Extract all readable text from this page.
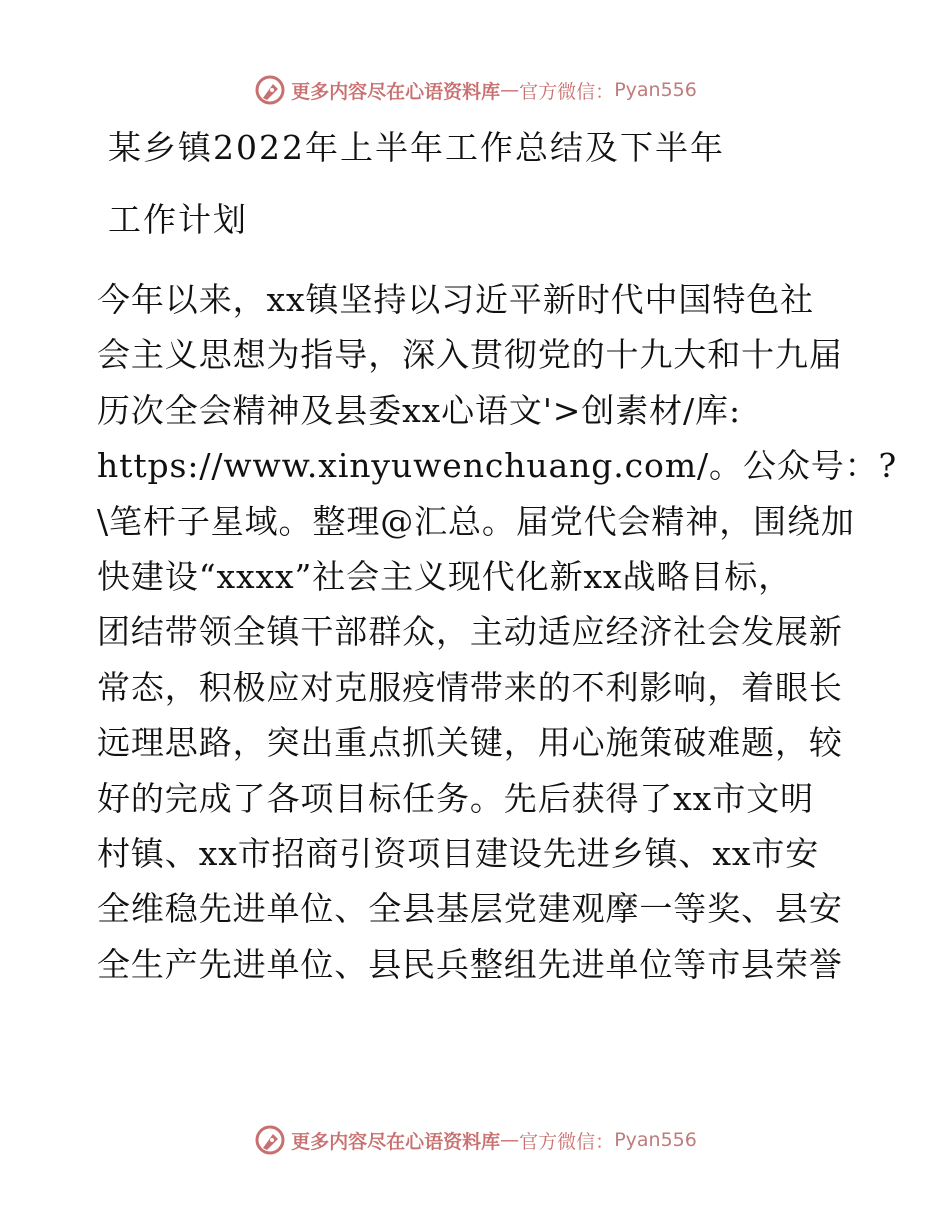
更多内容尽在心语资料库 — 官方微信： Pyan556
某乡镇2022年上半年工作总结及下半年
工作计划
今年以来，xx镇坚持以习近平新时代中国特色社
会主义思想为指导，深入贯彻党的十九大和十九届
历次全会精神及县委xx心语文'>创素材/库:
https://www.xinyuwenchuang.com/。公众号：?
\笔杆子星域。整理@汇总。届党代会精神，围绕加
快建设“xxxx”社会主义现代化新xx战略目标，
团结带领全镇干部群众，主动适应经济社会发展新
常态，积极应对克服疫情带来的不利影响，着眼长
远理思路，突出重点抓关键，用心施策破难题，较
好的完成了各项目标任务。先后获得了xx市文明
村镇、xx市招商引资项目建设先进乡镇、xx市安
全维稳先进单位、全县基层党建观摩一等奖、县安
全生产先进单位、县民兵整组先进单位等市县荣誉
更多内容尽在心语资料库 — 官方微信： Pyan556
